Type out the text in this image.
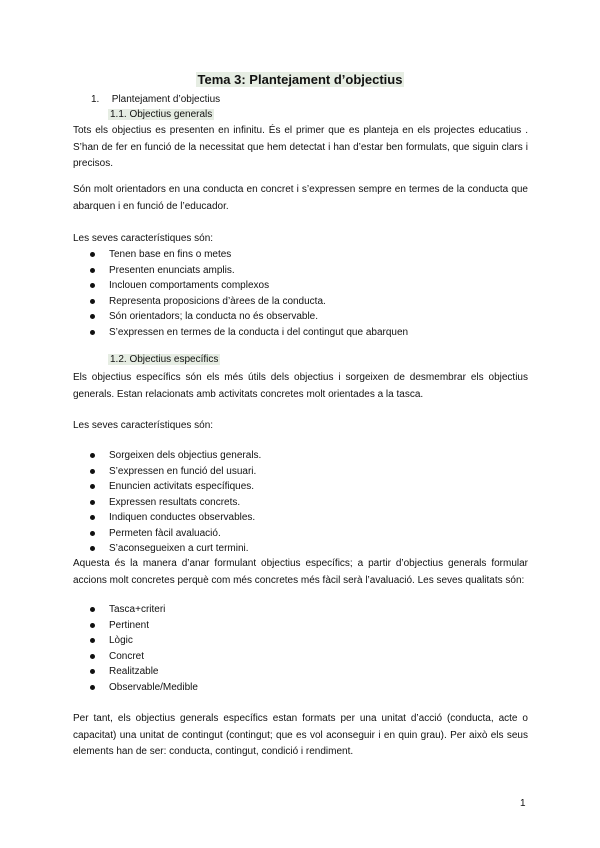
Tema 3: Plantejament d’objectius
1. Plantejament d’objectius
1.1. Objectius generals

Tots els objectius es presenten en infinitu. És el primer que es planteja en els projectes educatius . S’han de fer en funció de la necessitat que hem detectat i han d’estar ben formulats, que siguin clars i precisos.

Són molt orientadors en una conducta en concret i s’expressen sempre en termes de la conducta que abarquen i en funció de l’educador.

Les seves característiques són:

Tenen base en fins o metes
Presenten enunciats amplis.
Inclouen comportaments complexos
Representa proposicions d’àrees de la conducta.
Són orientadors; la conducta no és observable.
S’expressen en termes de la conducta i del contingut que abarquen
1.2. Objectius específics

Els objectius específics són els més útils dels objectius i sorgeixen de desmembrar els objectius generals. Estan relacionats amb activitats concretes molt orientades a la tasca.

Les seves característiques són:

Sorgeixen dels objectius generals.
S’expressen en funció del usuari.
Enuncien activitats específiques.
Expressen resultats concrets.
Indiquen conductes observables.
Permeten fàcil avaluació.
S’aconsegueixen a curt termini.

Aquesta és la manera d’anar formulant objectius específics; a partir d’objectius generals formular accions molt concretes perquè com més concretes més fàcil serà l’avaluació. Les seves qualitats són:

Tasca+criteri
Pertinent
Lògic
Concret
Realitzable
Observable/Medible

Per tant, els objectius generals específics estan formats per una unitat d’acció (conducta, acte o capacitat) una unitat de contingut (contingut; que es vol aconseguir i en quin grau). Per això els seus elements han de ser: conducta, contingut, condició i rendiment.

1
